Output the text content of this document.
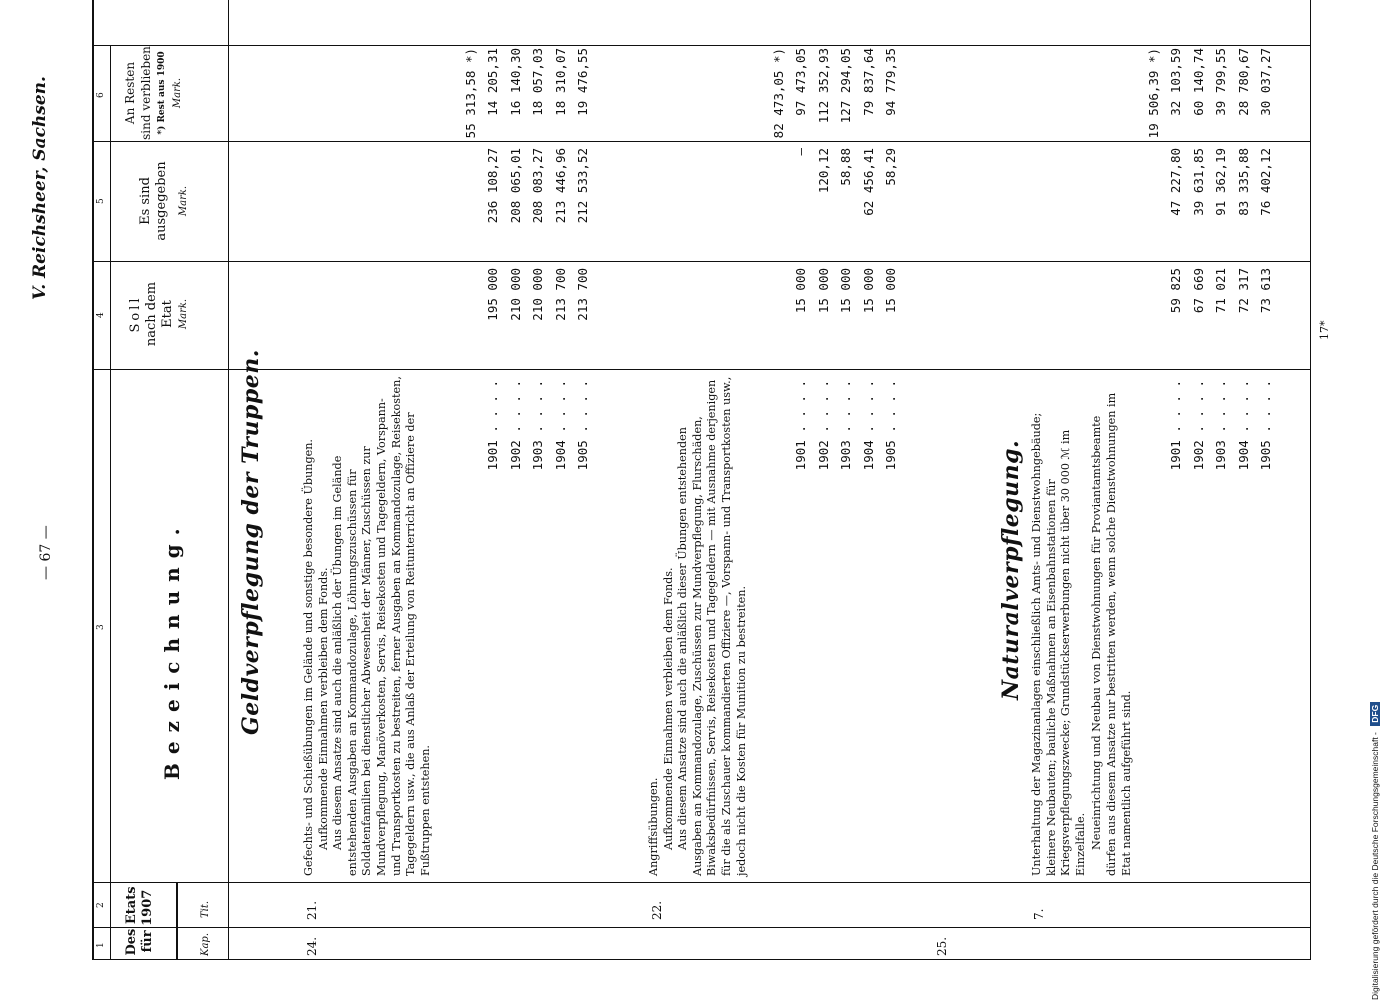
— 67 —
V. Reichsheer, Sachsen.
1
2
3
4
5
6
Des Etats für 1907	Kap.
Tit.
Bezeichnung.
Soll nach dem Etat Mark.
Es sind ausgegeben Mark.
An Resten sind verblieben *) Rest aus 1900 Mark.
24.
Geldverpflegung der Truppen.
21.
Gefechts- und Schießübungen im Gelände und sonstige besondere Übungen. Aufkommende Einnahmen verbleiben dem Fonds. Aus diesem Ansatze sind auch die anläßlich der Übungen im Gelände entstehenden Ausgaben an Kommandozulage, Löhnungszuschüssen für Soldatenfamilien bei dienstlicher Abwesenheit der Männer, Zuschüssen zur Mundverpflegung, Manöverkosten, Servis, Reisekosten und Tagegeldern, Vorspann- und Transportkosten zu bestreiten, ferner Ausgaben an Kommandozulage, Reisekosten, Tagegeldern usw., die aus Anlaß der Erteilung von Reitunterricht an Offiziere der Fußtruppen entstehen.
55 313,58 *)
1901 . . . .
195 000
236 108,27
14 205,31
1902 . . . .
210 000
208 065,01
16 140,30
1903 . . . .
210 000
208 083,27
18 057,03
1904 . . . .
213 700
213 446,96
18 310,07
1905 . . . .
213 700
212 533,52
19 476,55
22.
Angriffsübungen. Aufkommende Einnahmen verbleiben dem Fonds. Aus diesem Ansatze sind auch die anläßlich dieser Übungen entstehenden Ausgaben an Kommandozulage, Zuschüssen zur Mundverpflegung, Flurschäden, Biwaksbedürfnissen, Servis, Reisekosten und Tagegeldern — mit Ausnahme derjenigen für die als Zuschauer kommandierten Offiziere —, Vorspann- und Transportkosten usw., jedoch nicht die Kosten für Munition zu bestreiten.
82 473,05 *)
1901 . . . .
15 000
—
97 473,05
1902 . . . .
15 000
120,12
112 352,93
1903 . . . .
15 000
58,88
127 294,05
1904 . . . .
15 000
62 456,41
79 837,64
1905 . . . .
15 000
58,29
94 779,35
25.
Naturalverpflegung.
7.
Unterhaltung der Magazinanlagen einschließlich Amts- und Dienstwohngebäude; kleinere Neubauten; bauliche Maßnahmen an Eisenbahnstationen für Kriegsverpflegungszwecke; Grundstückserwerbungen nicht über 30 000 ℳ im Einzelfalle. Neueinrichtung und Neubau von Dienstwohnungen für Proviantamtsbeamte dürfen aus diesem Ansatze nur bestritten werden, wenn solche Dienstwohnungen im Etat namentlich aufgeführt sind.
19 506,39 *)
1901 . . . .
59 825
47 227,80
32 103,59
1902 . . . .
67 669
39 631,85
60 140,74
1903 . . . .
71 021
91 362,19
39 799,55
1904 . . . .
72 317
83 335,88
28 780,67
1905 . . . .
73 613
76 402,12
30 037,27
17*
Digitalisierung gefördert durch die Deutsche Forschungsgemeinschaft - DFG
